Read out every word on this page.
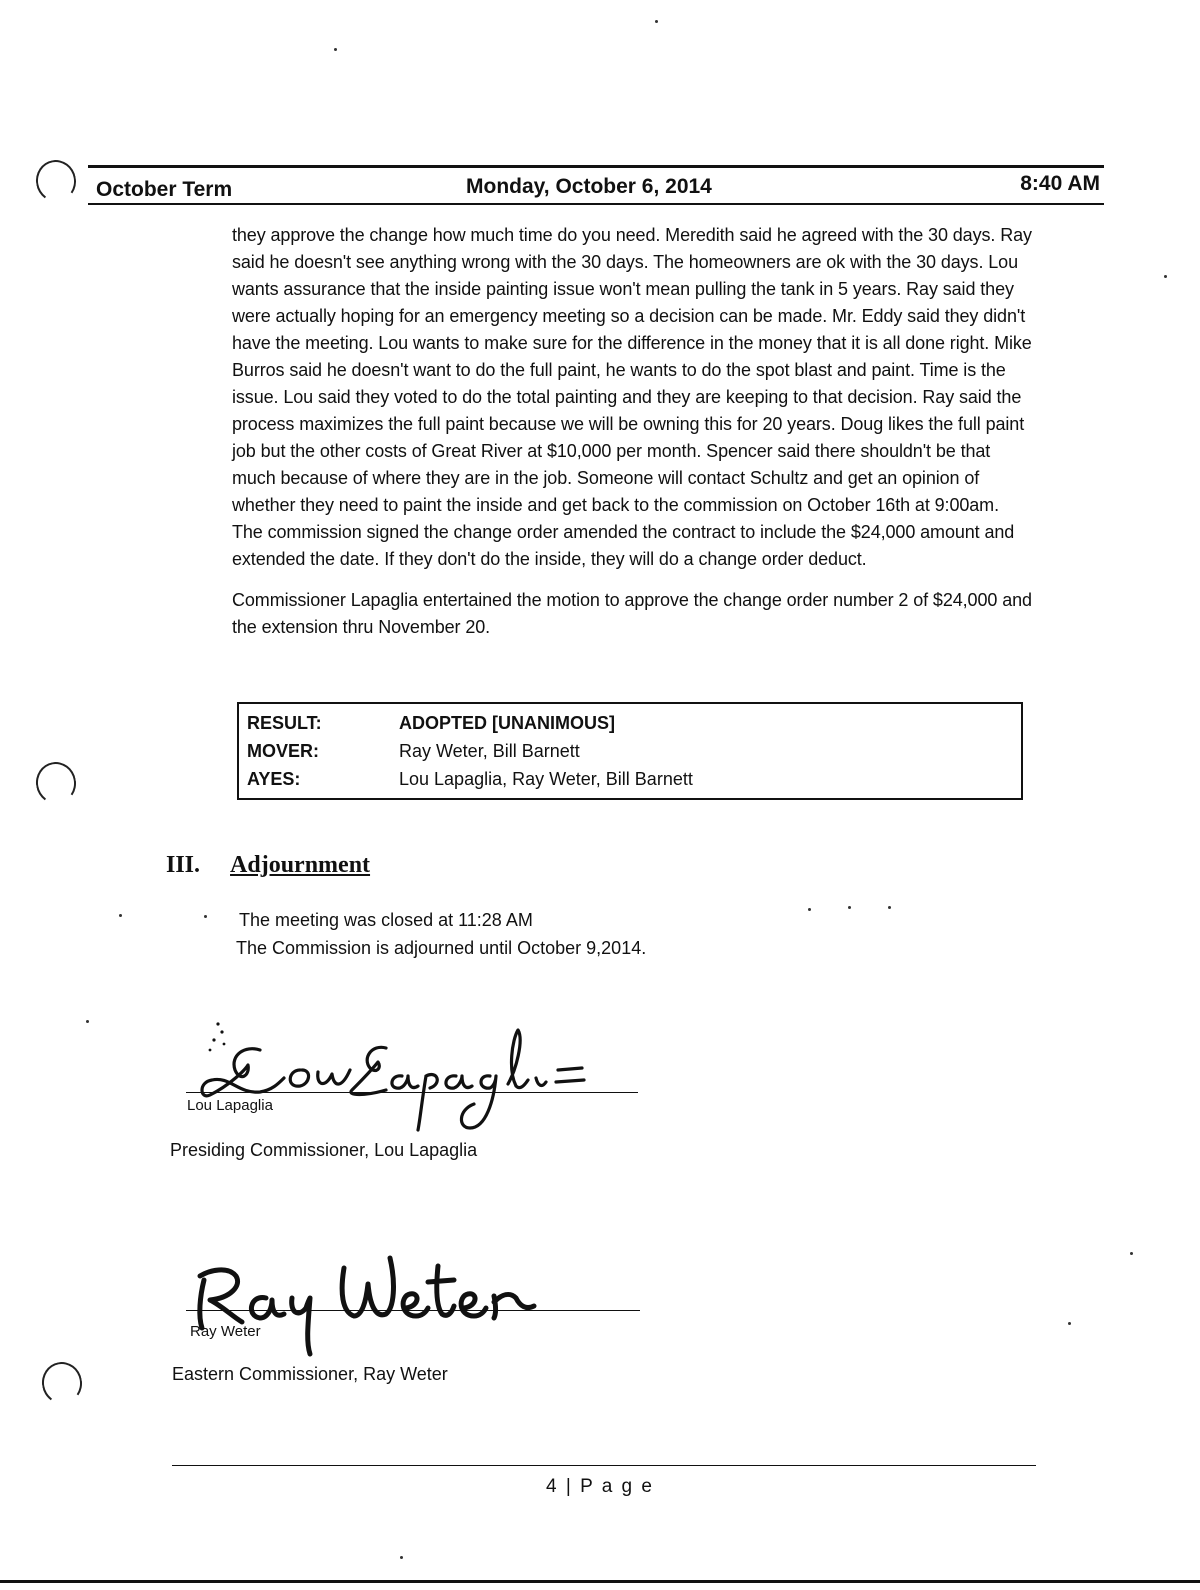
October Term	Monday, October 6, 2014	8:40 AM

they approve the change how much time do you need. Meredith said he agreed with the 30 days. Ray said he doesn't see anything wrong with the 30 days. The homeowners are ok with the 30 days. Lou wants assurance that the inside painting issue won't mean pulling the tank in 5 years. Ray said they were actually hoping for an emergency meeting so a decision can be made. Mr. Eddy said they didn't have the meeting. Lou wants to make sure for the difference in the money that it is all done right. Mike Burros said he doesn't want to do the full paint, he wants to do the spot blast and paint. Time is the issue. Lou said they voted to do the total painting and they are keeping to that decision. Ray said the process maximizes the full paint because we will be owning this for 20 years. Doug likes the full paint job but the other costs of Great River at $10,000 per month. Spencer said there shouldn't be that much because of where they are in the job. Someone will contact Schultz and get an opinion of whether they need to paint the inside and get back to the commission on October 16th at 9:00am. The commission signed the change order amended the contract to include the $24,000 amount and extended the date. If they don't do the inside, they will do a change order deduct.

Commissioner Lapaglia entertained the motion to approve the change order number 2 of $24,000 and the extension thru November 20.

RESULT:	ADOPTED [UNANIMOUS]
MOVER:	Ray Weter, Bill Barnett
AYES:	Lou Lapaglia, Ray Weter, Bill Barnett
III. Adjournment
The meeting was closed at 11:28 AM
The Commission is adjourned until October 9,2014.
Lou Lapaglia
Presiding Commissioner, Lou Lapaglia
Ray Weter
Eastern Commissioner, Ray Weter
4 | P a g e
